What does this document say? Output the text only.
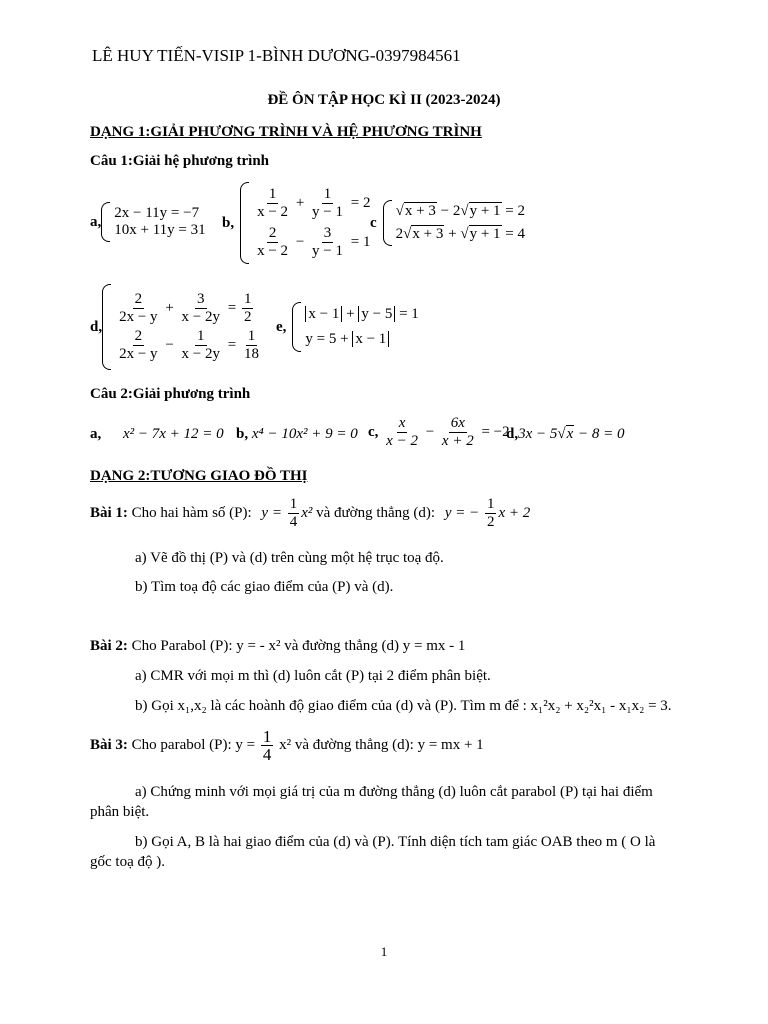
LÊ HUY TIẾN-VISIP 1-BÌNH DƯƠNG-0397984561
ĐỀ ÔN TẬP HỌC KÌ II (2023-2024)
DẠNG 1:GIẢI PHƯƠNG TRÌNH VÀ HỆ PHƯƠNG TRÌNH
Câu 1:Giải hệ phương trình
a,
2x − 11y = −7
10x + 11y = 31 b,
$\frac{1}{x - 2} + \frac{1}{y - 1} = 2$
$\frac{2}{x - 2} - \frac{3}{y - 1} = 1$
c
√x + 3 − 2√y + 1 = 2
2√x + 3 + √y + 1 = 4
d,
$\frac{2}{2x - y} + \frac{3}{x - 2y} = \frac{1}{2}$
$\frac{2}{2x - y} - \frac{1}{x - 2y} = \frac{1}{18}$
e,
x − 1 + y − 5 = 1
y = 5 + x − 1
Câu 2:Giải phương trình
a, x² − 7x + 12 = 0 b, x⁴ − 10x² + 9 = 0 c, $\frac{x}{x - 2} - \frac{6x}{x + 2} = -2$
d,3x − 5√x − 8 = 0
DẠNG 2:TƯƠNG GIAO ĐỒ THỊ
Bài 1: Cho hai hàm số (P): $y = \frac{1}{4} x^2$ và đường thẳng (d): y = − $\frac{1}{2}$ x + 2
a) Vẽ đồ thị (P) và (d) trên cùng một hệ trục toạ độ.
b) Tìm toạ độ các giao điểm của (P) và (d).
Bài 2: Cho Parabol (P): y = - x² và đường thẳng (d) y = mx - 1
a) CMR với mọi m thì (d) luôn cắt (P) tại 2 điểm phân biệt.
b) Gọi x₁,x₂ là các hoành độ giao điểm của (d) và (P). Tìm m để : x₁²x₂ + x₂²x₁ - x₁x₂ = 3.
Bài 3: Cho parabol (P): $y = \frac{1}{4} x^2$ và đường thẳng (d): y = mx + 1
a) Chứng minh với mọi giá trị của m đường thẳng (d) luôn cắt parabol (P) tại hai điểm
phân biệt.
b) Gọi A, B là hai giao điểm của (d) và (P). Tính diện tích tam giác OAB theo m ( O là
gốc toạ độ ).
1
